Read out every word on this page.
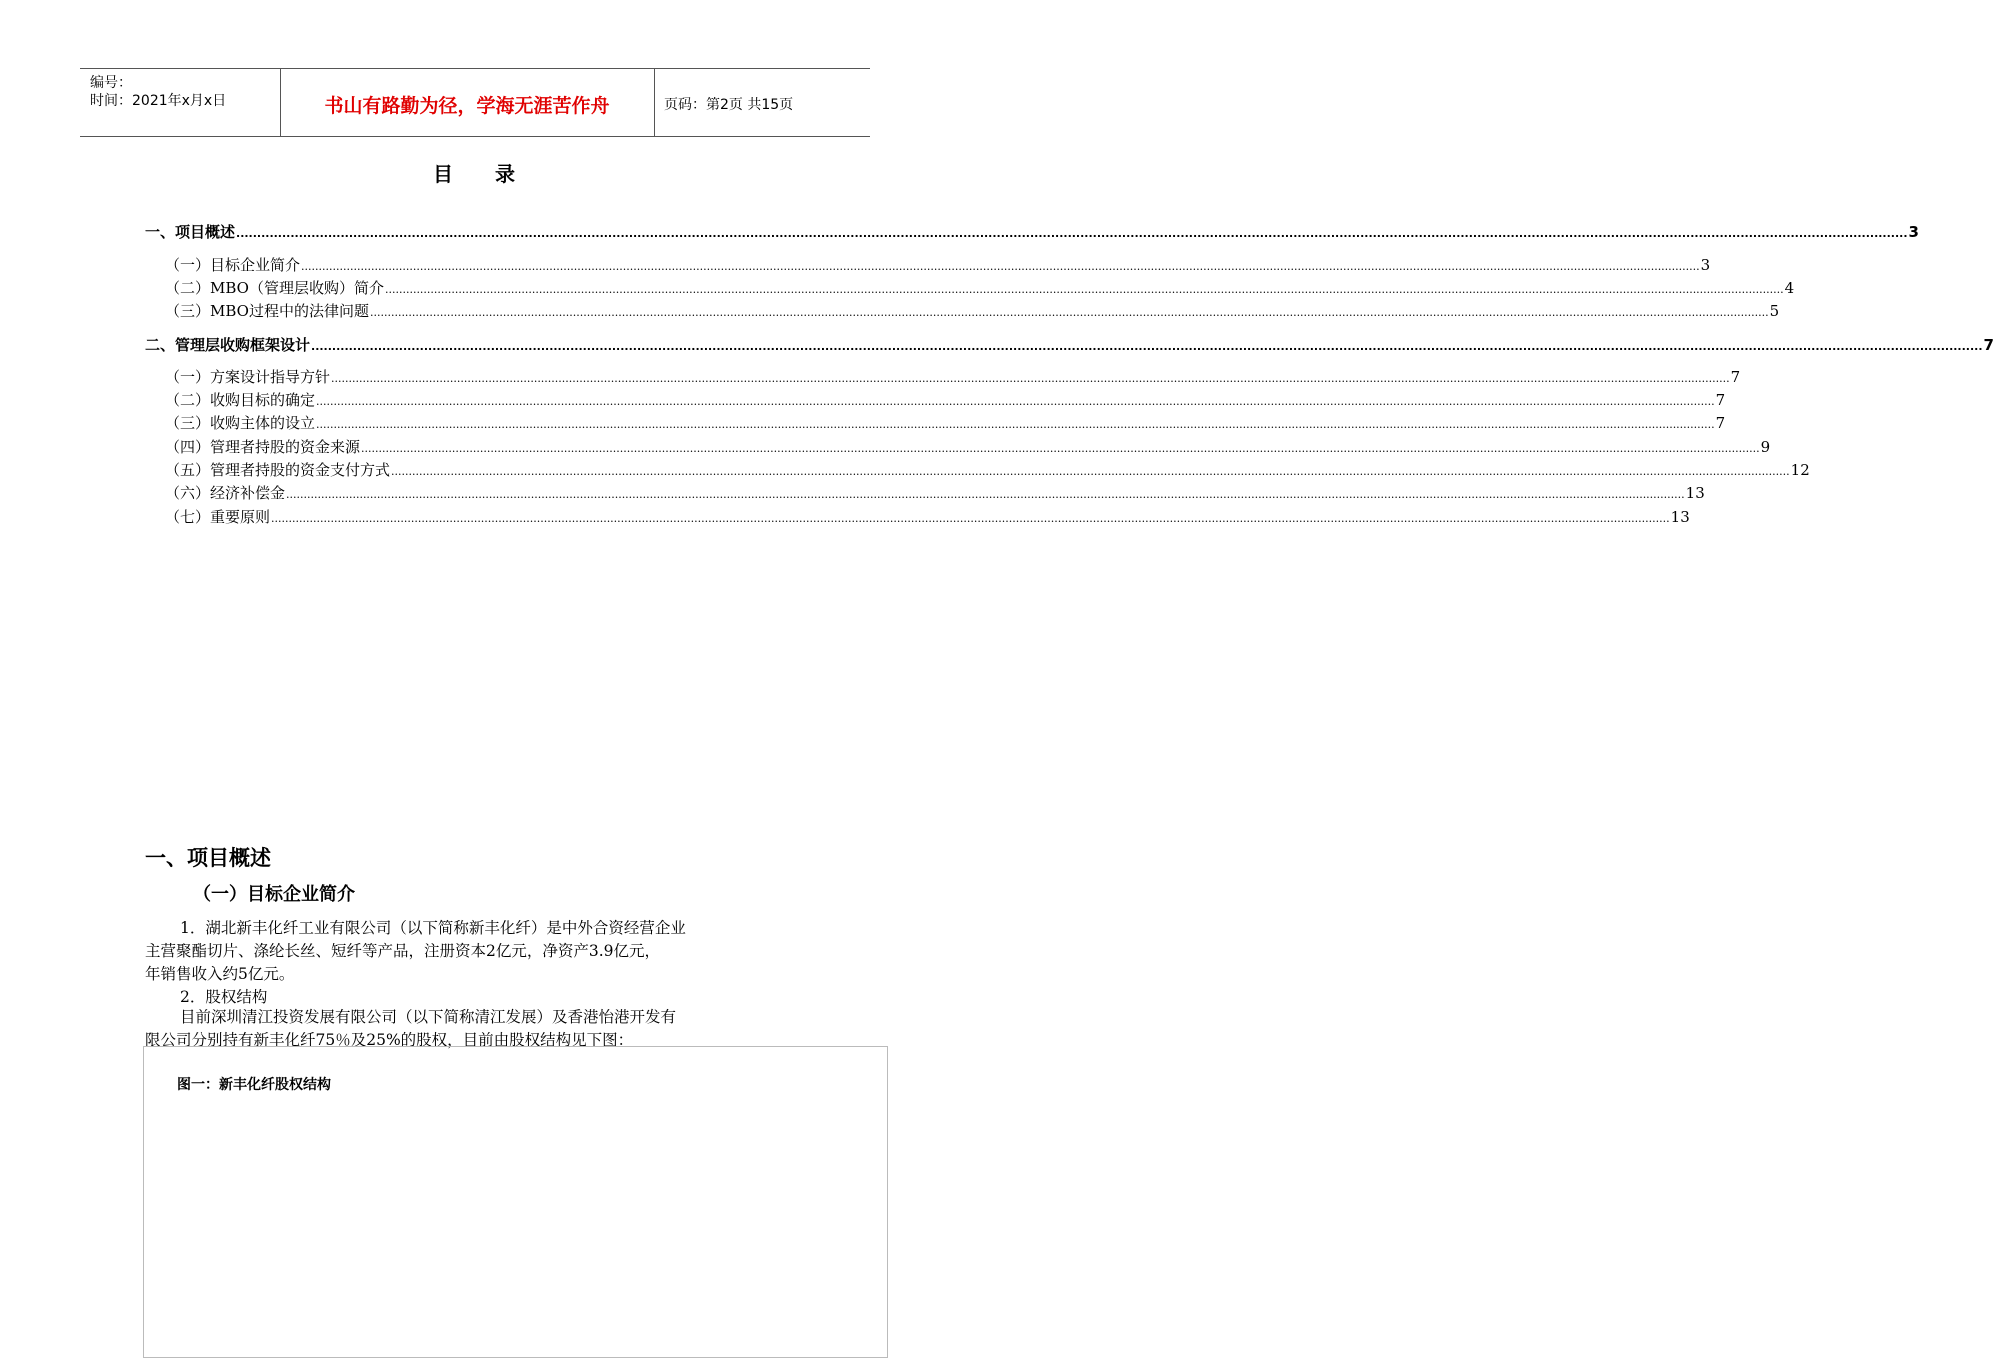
编号：
时间：2021年x月x日	书山有路勤为径，学海无涯苦作舟	页码：第2页 共15页
目 录
一、项目概述 ................................................................................................................................................................................................................................................................................................................................................................................................................ 3
（一）目标企业简介 ................................................................................................................................................................................................................................................................................................................................................................................................................ 3
（二）MBO（管理层收购）简介 ................................................................................................................................................................................................................................................................................................................................................................................................................ 4
（三）MBO过程中的法律问题 ................................................................................................................................................................................................................................................................................................................................................................................................................ 5
二、管理层收购框架设计 ................................................................................................................................................................................................................................................................................................................................................................................................................ 7
（一）方案设计指导方针 ................................................................................................................................................................................................................................................................................................................................................................................................................ 7
（二）收购目标的确定 ................................................................................................................................................................................................................................................................................................................................................................................................................ 7
（三）收购主体的设立 ................................................................................................................................................................................................................................................................................................................................................................................................................ 7
（四）管理者持股的资金来源 ................................................................................................................................................................................................................................................................................................................................................................................................................ 9
（五）管理者持股的资金支付方式 ................................................................................................................................................................................................................................................................................................................................................................................................................ 12
（六）经济补偿金 ................................................................................................................................................................................................................................................................................................................................................................................................................ 13
（七）重要原则 ................................................................................................................................................................................................................................................................................................................................................................................................................ 13
一、项目概述
（一）目标企业简介
1．湖北新丰化纤工业有限公司（以下简称新丰化纤）是中外合资经营企业
主营聚酯切片、涤纶长丝、短纤等产品，注册资本2亿元，净资产3.9亿元，
年销售收入约5亿元。
2．股权结构
目前深圳清江投资发展有限公司（以下简称清江发展）及香港怡港开发有
限公司分别持有新丰化纤75％及25%的股权，目前由股权结构见下图：
图一：新丰化纤股权结构
